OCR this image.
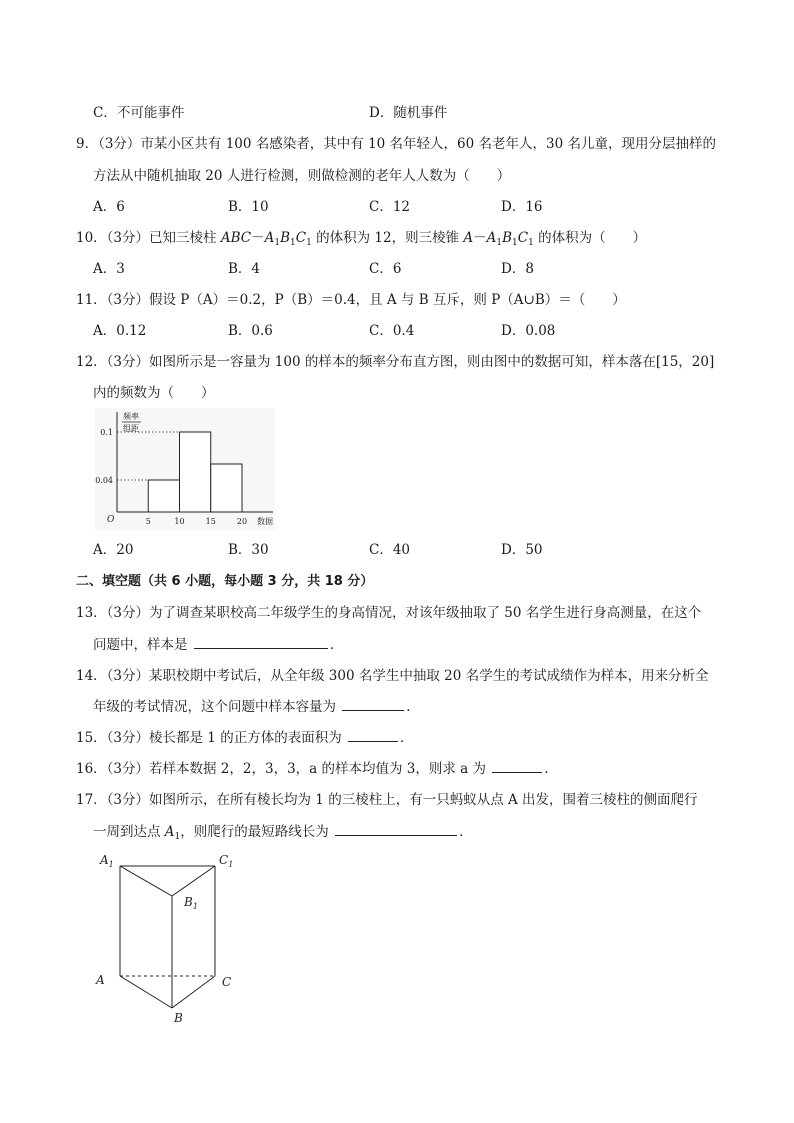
C．不可能事件	D．随机事件
9．（3分）市某小区共有 100 名感染者，其中有 10 名年轻人，60 名老年人，30 名儿童，现用分层抽样的
方法从中随机抽取 20 人进行检测，则做检测的老年人人数为（　　）
A．6	B．10	C．12	D．16
10．（3分）已知三棱柱 $ABC-A_1B_1C_1$ 的体积为 12，则三棱锥 $A-A_1B_1C_1$ 的体积为（　　）
A．3	B．4	C．6	D．8
11．（3分）假设 P（A）＝0.2，P（B）＝0.4，且 A 与 B 互斥，则 P（A∪B）＝（　　）
A．0.12	B．0.6	C．0.4	D．0.08
12．（3分）如图所示是一容量为 100 的样本的频率分布直方图，则由图中的数据可知，样本落在[15，20]
内的频数为（　　）
0.04
0.1
5	10	15	20
O
频率
组距
数据
A．20	B．30	C．40	D．50
二、填空题（共 6 小题，每小题 3 分，共 18 分）
13．（3分）为了调查某职校高二年级学生的身高情况，对该年级抽取了 50 名学生进行身高测量，在这个
问题中，样本是	．
14．（3分）某职校期中考试后，从全年级 300 名学生中抽取 20 名学生的考试成绩作为样本，用来分析全
年级的考试情况，这个问题中样本容量为	．
15．（3分）棱长都是 1 的正方体的表面积为	．
16．（3分）若样本数据 2，2，3，3，a 的样本均值为 3，则求 a 为	．
17．（3分）如图所示，在所有棱长均为 1 的三棱柱上，有一只蚂蚁从点 A 出发，围着三棱柱的侧面爬行
一周到达点 $A_1$，则爬行的最短路线长为	．
$A_1$	$C_1$
$B_1$
A	C
B
